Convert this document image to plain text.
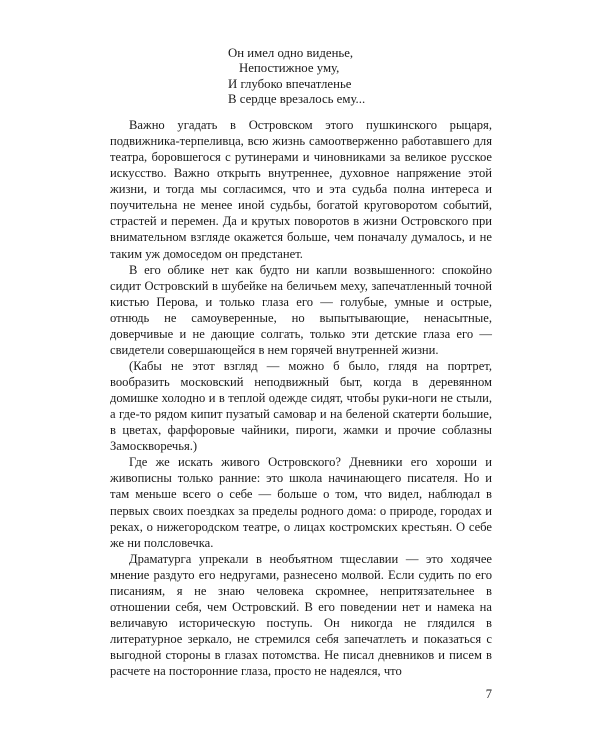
Он имел одно виденье,
Непостижное уму,
И глубоко впечатленье
В сердце врезалось ему...

Важно угадать в Островском этого пушкинского рыцаря, подвижника-терпеливца, всю жизнь самоотверженно работавшего для театра, боровшегося с рутинерами и чиновниками за великое русское искусство. Важно открыть внутреннее, духовное напряжение этой жизни, и тогда мы согласимся, что и эта судьба полна интереса и поучительна не менее иной судьбы, богатой круговоротом событий, страстей и перемен. Да и крутых поворотов в жизни Островского при внимательном взгляде окажется больше, чем поначалу думалось, и не таким уж домоседом он предстанет.

В его облике нет как будто ни капли возвышенного: спокойно сидит Островский в шубейке на беличьем меху, запечатленный точной кистью Перова, и только глаза его — голубые, умные и острые, отнюдь не самоуверенные, но выпытывающие, ненасытные, доверчивые и не дающие солгать, только эти детские глаза его — свидетели совершающейся в нем горячей внутренней жизни.

(Кабы не этот взгляд — можно б было, глядя на портрет, вообразить московский неподвижный быт, когда в деревянном домишке холодно и в теплой одежде сидят, чтобы руки-ноги не стыли, а где-то рядом кипит пузатый самовар и на беленой скатерти большие, в цветах, фарфоровые чайники, пироги, жамки и прочие соблазны Замоскворечья.)

Где же искать живого Островского? Дневники его хороши и живописны только ранние: это школа начинающего писателя. Но и там меньше всего о себе — больше о том, что видел, наблюдал в первых своих поездках за пределы родного дома: о природе, городах и реках, о нижегородском театре, о лицах костромских крестьян. О себе же ни полсловечка.

Драматурга упрекали в необъятном тщеславии — это ходячее мнение раздуто его недругами, разнесено молвой. Если судить по его писаниям, я не знаю человека скромнее, непритязательнее в отношении себя, чем Островский. В его поведении нет и намека на величавую историческую поступь. Он никогда не глядился в литературное зеркало, не стремился себя запечатлеть и показаться с выгодной стороны в глазах потомства. Не писал дневников и писем в расчете на посторонние глаза, просто не надеялся, что

7
